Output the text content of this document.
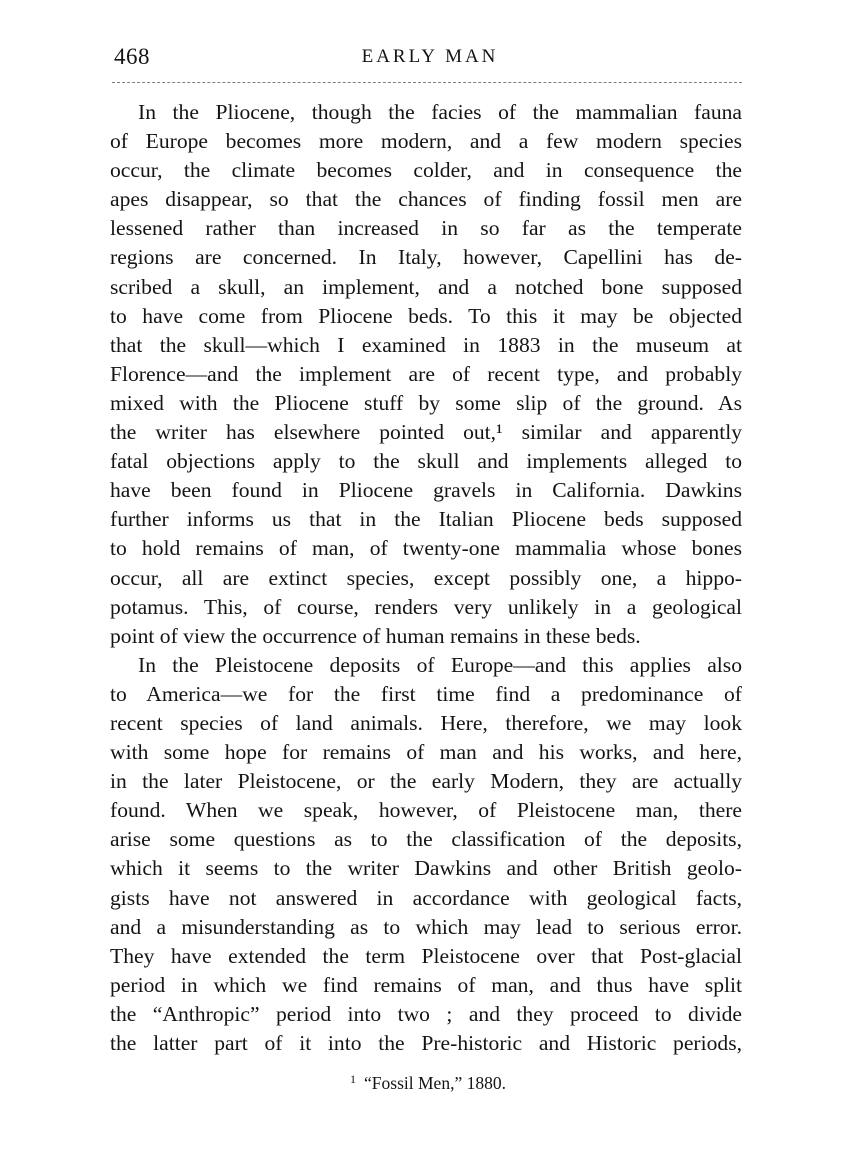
468	EARLY MAN
In the Pliocene, though the facies of the mammalian fauna
of Europe becomes more modern, and a few modern species
occur, the climate becomes colder, and in consequence the
apes disappear, so that the chances of finding fossil men are
lessened rather than increased in so far as the temperate
regions are concerned. In Italy, however, Capellini has de-
scribed a skull, an implement, and a notched bone supposed
to have come from Pliocene beds. To this it may be objected
that the skull—which I examined in 1883 in the museum at
Florence—and the implement are of recent type, and probably
mixed with the Pliocene stuff by some slip of the ground. As
the writer has elsewhere pointed out,¹ similar and apparently
fatal objections apply to the skull and implements alleged to
have been found in Pliocene gravels in California. Dawkins
further informs us that in the Italian Pliocene beds supposed
to hold remains of man, of twenty-one mammalia whose bones
occur, all are extinct species, except possibly one, a hippo-
potamus. This, of course, renders very unlikely in a geological
point of view the occurrence of human remains in these beds.
In the Pleistocene deposits of Europe—and this applies also
to America—we for the first time find a predominance of
recent species of land animals. Here, therefore, we may look
with some hope for remains of man and his works, and here,
in the later Pleistocene, or the early Modern, they are actually
found. When we speak, however, of Pleistocene man, there
arise some questions as to the classification of the deposits,
which it seems to the writer Dawkins and other British geolo-
gists have not answered in accordance with geological facts,
and a misunderstanding as to which may lead to serious error.
They have extended the term Pleistocene over that Post-glacial
period in which we find remains of man, and thus have split
the “Anthropic” period into two ; and they proceed to divide
the latter part of it into the Pre-historic and Historic periods,
$^1$ “Fossil Men,” 1880.
